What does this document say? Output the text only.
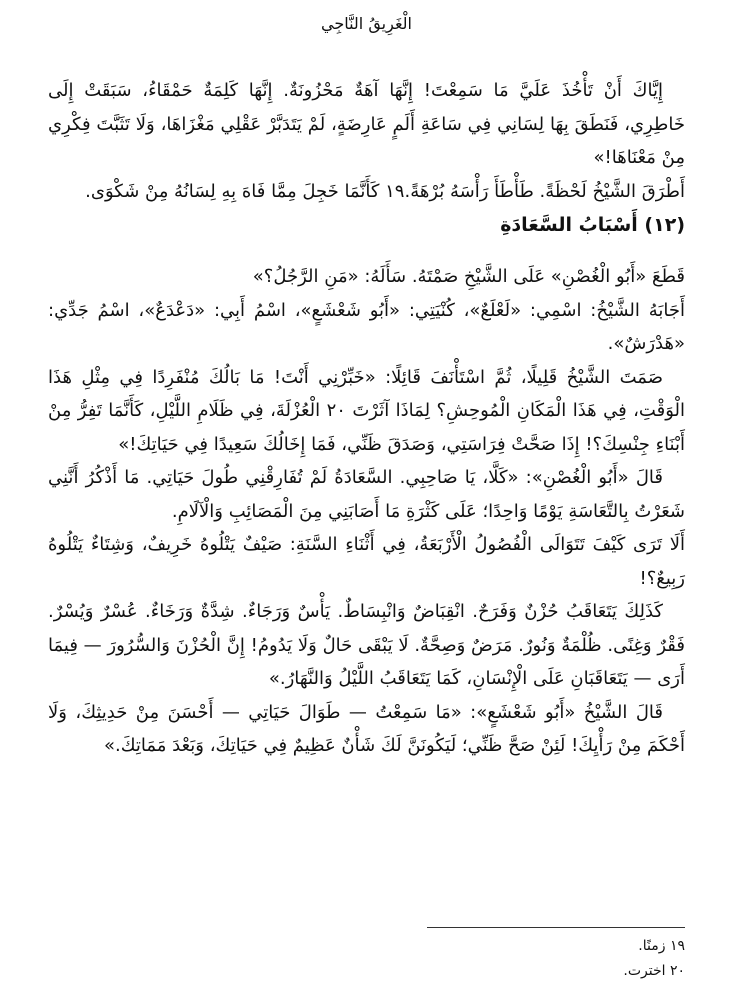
الْغَرِيقُ النَّاجِي

إِيَّاكَ أَنْ تَأْخُذَ عَلَيَّ مَا سَمِعْتَ! إِنَّهَا آهَةٌ مَحْزُونَةٌ. إِنَّهَا كَلِمَةٌ حَمْقَاءُ، سَبَقَتْ إِلَى خَاطِرِي، فَنَطَقَ بِهَا لِسَانِي فِي سَاعَةِ أَلَمٍ عَارِضَةٍ، لَمْ يَتَدَبَّرْ عَقْلِي مَغْزَاهَا، وَلَا تَثَبَّتَ فِكْرِي مِنْ مَعْنَاهَا!»

أَطْرَقَ الشَّيْخُ لَحْظَةً. طَأْطَأَ رَأْسَهُ بُرْهَةً.١٩ كَأَنَّمَا خَجِلَ مِمَّا فَاهَ بِهِ لِسَانُهُ مِنْ شَكْوَى.

(١٢) أَسْبَابُ السَّعَادَةِ

قَطَعَ «أَبُو الْغُصْنِ» عَلَى الشَّيْخِ صَمْتَهُ. سَأَلَهُ: «مَنِ الرَّجُلُ؟»

أَجَابَهُ الشَّيْخُ: اسْمِي: «لَعْلَعٌ»، كُنْيَتِي: «أَبُو شَعْشَعٍ»، اسْمُ أَبِي: «دَعْدَعٌ»، اسْمُ جَدِّي: «هَدْرَشٌ».

صَمَتَ الشَّيْخُ قَلِيلًا، ثُمَّ اسْتَأْنَفَ قَائِلًا: «خَبِّرْنِي أَنْتَ! مَا بَالُكَ مُنْفَرِدًا فِي مِثْلِ هَذَا الْوَقْتِ، فِي هَذَا الْمَكَانِ الْمُوحِشِ؟ لِمَاذَا آثَرْتَ ٢٠ الْعُزْلَةَ، فِي ظَلَامِ اللَّيْلِ، كَأَنَّمَا تَفِرُّ مِنْ أَبْنَاءِ جِنْسِكَ؟! إِذَا صَحَّتْ فِرَاسَتِي، وَصَدَقَ ظَنِّي، فَمَا إِخَالُكَ سَعِيدًا فِي حَيَاتِكَ!»

قَالَ «أَبُو الْغُصْنِ»: «كَلَّا، يَا صَاحِبِي. السَّعَادَةُ لَمْ تُفَارِقْنِي طُولَ حَيَاتِي. مَا أَذْكُرُ أَنَّنِي شَعَرْتُ بِالتَّعَاسَةِ يَوْمًا وَاحِدًا؛ عَلَى كَثْرَةِ مَا أَصَابَنِي مِنَ الْمَصَائِبِ وَالْآلَامِ.

أَلَا تَرَى كَيْفَ تَتَوَالَى الْفُصُولُ الْأَرْبَعَةُ، فِي أَثْنَاءِ السَّنَةِ: صَيْفٌ يَتْلُوهُ خَرِيفٌ، وَشِتَاءٌ يَتْلُوهُ رَبِيعٌ؟!

كَذَلِكَ يَتَعَاقَبُ حُزْنٌ وَفَرَحٌ. انْقِبَاضٌ وَانْبِسَاطٌ. يَأْسٌ وَرَجَاءٌ. شِدَّةٌ وَرَخَاءٌ. عُسْرٌ وَيُسْرٌ. فَقْرٌ وَغِنًى. ظُلْمَةٌ وَنُورٌ. مَرَضٌ وَصِحَّةٌ. لَا يَبْقَى حَالٌ وَلَا يَدُومُ! إِنَّ الْحُزْنَ وَالسُّرُورَ — فِيمَا أَرَى — يَتَعَاقَبَانِ عَلَى الْإِنْسَانِ، كَمَا يَتَعَاقَبُ اللَّيْلُ وَالنَّهَارُ.»

قَالَ الشَّيْخُ «أَبُو شَعْشَعٍ»: «مَا سَمِعْتُ — طَوَالَ حَيَاتِي — أَحْسَنَ مِنْ حَدِيثِكَ، وَلَا أَحْكَمَ مِنْ رَأْيِكَ! لَئِنْ صَحَّ ظَنِّي؛ لَيَكُونَنَّ لَكَ شَأْنٌ عَظِيمٌ فِي حَيَاتِكَ، وَبَعْدَ مَمَاتِكَ.»

١٩ زمنًا.
٢٠ اخترت.
